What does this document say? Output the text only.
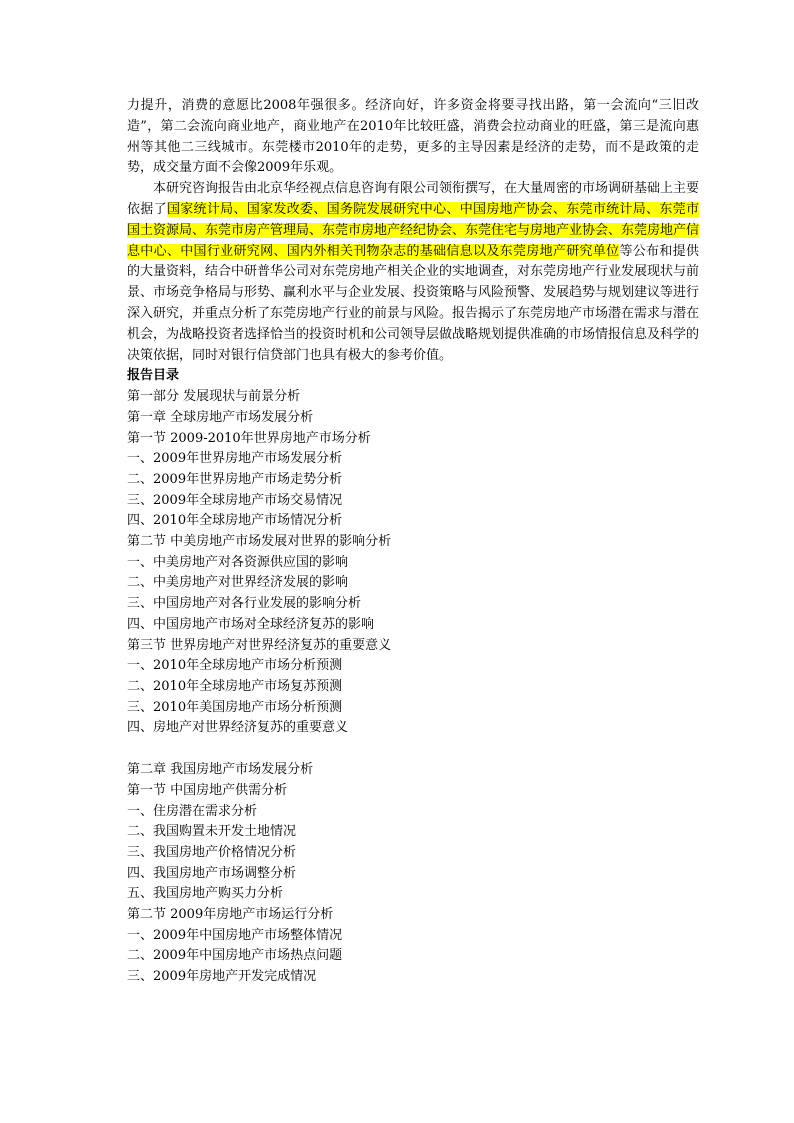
力提升，消费的意愿比2008年强很多。经济向好，许多资金将要寻找出路，第一会流向“三旧改造”，第二会流向商业地产，商业地产在2010年比较旺盛，消费会拉动商业的旺盛，第三是流向惠州等其他二三线城市。东莞楼市2010年的走势，更多的主导因素是经济的走势，而不是政策的走势，成交量方面不会像2009年乐观。

本研究咨询报告由北京华经视点信息咨询有限公司领衔撰写，在大量周密的市场调研基础上主要依据了国家统计局、国家发改委、国务院发展研究中心、中国房地产协会、东莞市统计局、东莞市国土资源局、东莞市房产管理局、东莞市房地产经纪协会、东莞住宅与房地产业协会、东莞房地产信息中心、中国行业研究网、国内外相关刊物杂志的基础信息以及东莞房地产研究单位等公布和提供的大量资料，结合中研普华公司对东莞房地产相关企业的实地调查，对东莞房地产行业发展现状与前景、市场竞争格局与形势、赢利水平与企业发展、投资策略与风险预警、发展趋势与规划建议等进行深入研究，并重点分析了东莞房地产行业的前景与风险。报告揭示了东莞房地产市场潜在需求与潜在机会，为战略投资者选择恰当的投资时机和公司领导层做战略规划提供准确的市场情报信息及科学的决策依据，同时对银行信贷部门也具有极大的参考价值。

报告目录

第一部分 发展现状与前景分析
第一章 全球房地产市场发展分析
第一节 2009-2010年世界房地产市场分析
一、2009年世界房地产市场发展分析
二、2009年世界房地产市场走势分析
三、2009年全球房地产市场交易情况
四、2010年全球房地产市场情况分析
第二节 中美房地产市场发展对世界的影响分析
一、中美房地产对各资源供应国的影响
二、中美房地产对世界经济发展的影响
三、中国房地产对各行业发展的影响分析
四、中国房地产市场对全球经济复苏的影响
第三节 世界房地产对世界经济复苏的重要意义
一、2010年全球房地产市场分析预测
二、2010年全球房地产市场复苏预测
三、2010年美国房地产市场分析预测
四、房地产对世界经济复苏的重要意义
第二章 我国房地产市场发展分析
第一节 中国房地产供需分析
一、住房潜在需求分析
二、我国购置未开发土地情况
三、我国房地产价格情况分析
四、我国房地产市场调整分析
五、我国房地产购买力分析
第二节 2009年房地产市场运行分析
一、2009年中国房地产市场整体情况
二、2009年中国房地产市场热点问题
三、2009年房地产开发完成情况
